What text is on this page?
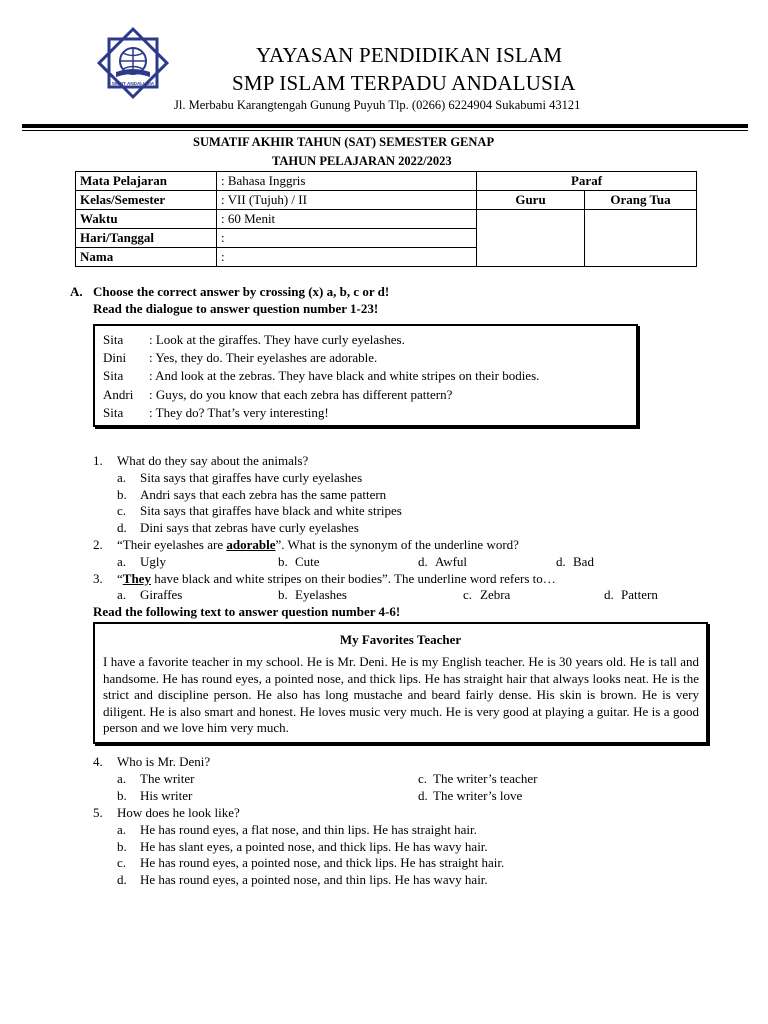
SMPIT ANDALUSIA
YAYASAN PENDIDIKAN ISLAM
SMP ISLAM TERPADU ANDALUSIA
Jl. Merbabu Karangtengah Gunung Puyuh Tlp. (0266) 6224904 Sukabumi 43121
SUMATIF AKHIR TAHUN (SAT) SEMESTER GENAP
TAHUN PELAJARAN 2022/2023
Mata Pelajaran	: Bahasa Inggris	Paraf	
Kelas/Semester	: VII (Tujuh) / II	Guru	Orang Tua
Waktu	: 60 Menit		
Hari/Tanggal	:		
Nama	:		
A. Choose the correct answer by crossing (x) a, b, c or d!
Read the dialogue to answer question number 1-23!
Sita : Look at the giraffes. They have curly eyelashes.
Dini : Yes, they do. Their eyelashes are adorable.
Sita : And look at the zebras. They have black and white stripes on their bodies.
Andri : Guys, do you know that each zebra has different pattern?
Sita : They do? That’s very interesting!
1. What do they say about the animals?
a. Sita says that giraffes have curly eyelashes
b. Andri says that each zebra has the same pattern
c. Sita says that giraffes have black and white stripes
d. Dini says that zebras have curly eyelashes
2. “Their eyelashes are adorable”. What is the synonym of the underline word?
a. Ugly	b. Cute	d. Awful	d. Bad
3. “They have black and white stripes on their bodies”. The underline word refers to…
a. Giraffes	b. Eyelashes	c. Zebra	d. Pattern
Read the following text to answer question number 4-6!
My Favorites Teacher
I have a favorite teacher in my school. He is Mr. Deni. He is my English teacher. He is 30 years old. He is tall and handsome. He has round eyes, a pointed nose, and thick lips. He has straight hair that always looks neat. He is the strict and discipline person. He also has long mustache and beard fairly dense. His skin is brown. He is very diligent. He is also smart and honest. He loves music very much. He is very good at playing a guitar. He is a good person and we love him very much.
4. Who is Mr. Deni?
a. The writer
b. His writer
c. The writer’s teacher
d. The writer’s love
5. How does he look like?
a. He has round eyes, a flat nose, and thin lips. He has straight hair.
b. He has slant eyes, a pointed nose, and thick lips. He has wavy hair.
c. He has round eyes, a pointed nose, and thick lips. He has straight hair.
d. He has round eyes, a pointed nose, and thin lips. He has wavy hair.
